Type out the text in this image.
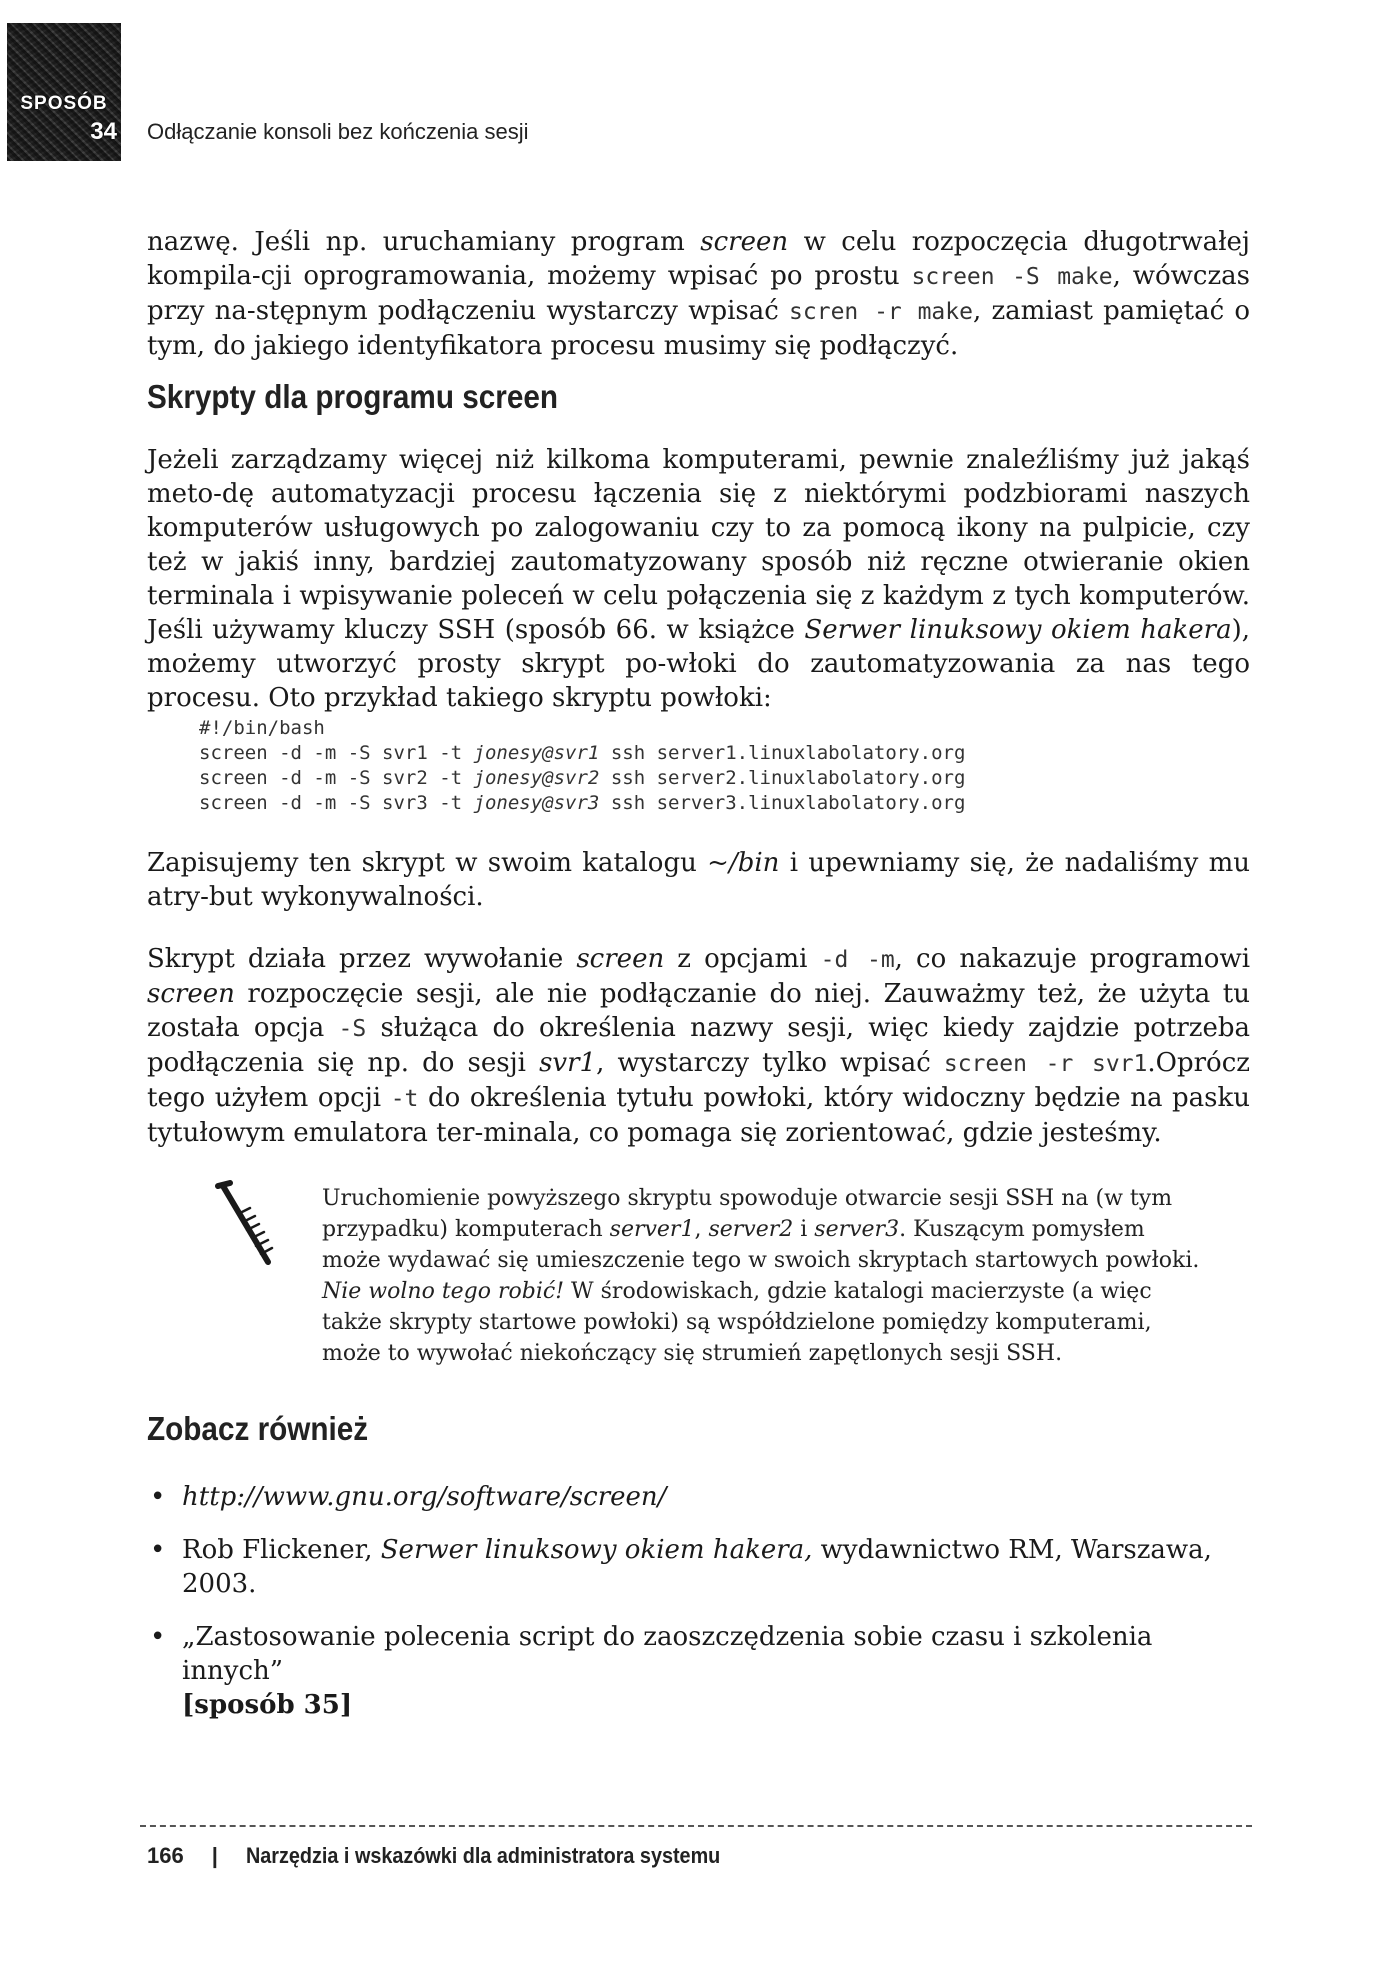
SPOSÓB
34 Odłączanie konsoli bez kończenia sesji

nazwę. Jeśli np. uruchamiany program screen w celu rozpoczęcia długotrwałej kompila-cji oprogramowania, możemy wpisać po prostu screen -S make, wówczas przy na-stępnym podłączeniu wystarczy wpisać scren -r make, zamiast pamiętać o tym, do jakiego identyfikatora procesu musimy się podłączyć.

Skrypty dla programu screen

Jeżeli zarządzamy więcej niż kilkoma komputerami, pewnie znaleźliśmy już jakąś meto-dę automatyzacji procesu łączenia się z niektórymi podzbiorami naszych komputerów usługowych po zalogowaniu czy to za pomocą ikony na pulpicie, czy też w jakiś inny, bardziej zautomatyzowany sposób niż ręczne otwieranie okien terminala i wpisywanie poleceń w celu połączenia się z każdym z tych komputerów. Jeśli używamy kluczy SSH (sposób 66. w książce Serwer linuksowy okiem hakera), możemy utworzyć prosty skrypt po-włoki do zautomatyzowania za nas tego procesu. Oto przykład takiego skryptu powłoki:

#!/bin/bash
screen -d -m -S svr1 -t jonesy@svr1 ssh server1.linuxlabolatory.org
screen -d -m -S svr2 -t jonesy@svr2 ssh server2.linuxlabolatory.org
screen -d -m -S svr3 -t jonesy@svr3 ssh server3.linuxlabolatory.org

Zapisujemy ten skrypt w swoim katalogu ~/bin i upewniamy się, że nadaliśmy mu atry-but wykonywalności.

Skrypt działa przez wywołanie screen z opcjami -d -m, co nakazuje programowi screen rozpoczęcie sesji, ale nie podłączanie do niej. Zauważmy też, że użyta tu została opcja -S służąca do określenia nazwy sesji, więc kiedy zajdzie potrzeba podłączenia się np. do sesji svr1, wystarczy tylko wpisać screen -r svr1.Oprócz tego użyłem opcji -t do określenia tytułu powłoki, który widoczny będzie na pasku tytułowym emulatora ter-minala, co pomaga się zorientować, gdzie jesteśmy.

Uruchomienie powyższego skryptu spowoduje otwarcie sesji SSH na (w tym przypadku) komputerach server1, server2 i server3. Kuszącym pomysłem może wydawać się umieszczenie tego w swoich skryptach startowych powłoki. Nie wolno tego robić! W środowiskach, gdzie katalogi macierzyste (a więc także skrypty startowe powłoki) są współdzielone pomiędzy komputerami, może to wywołać niekończący się strumień zapętlonych sesji SSH.

Zobacz również
• http://www.gnu.org/software/screen/
• Rob Flickener, Serwer linuksowy okiem hakera, wydawnictwo RM, Warszawa, 2003.
• „Zastosowanie polecenia script do zaoszczędzenia sobie czasu i szkolenia innych”
[sposób 35]
166 | Narzędzia i wskazówki dla administratora systemu
